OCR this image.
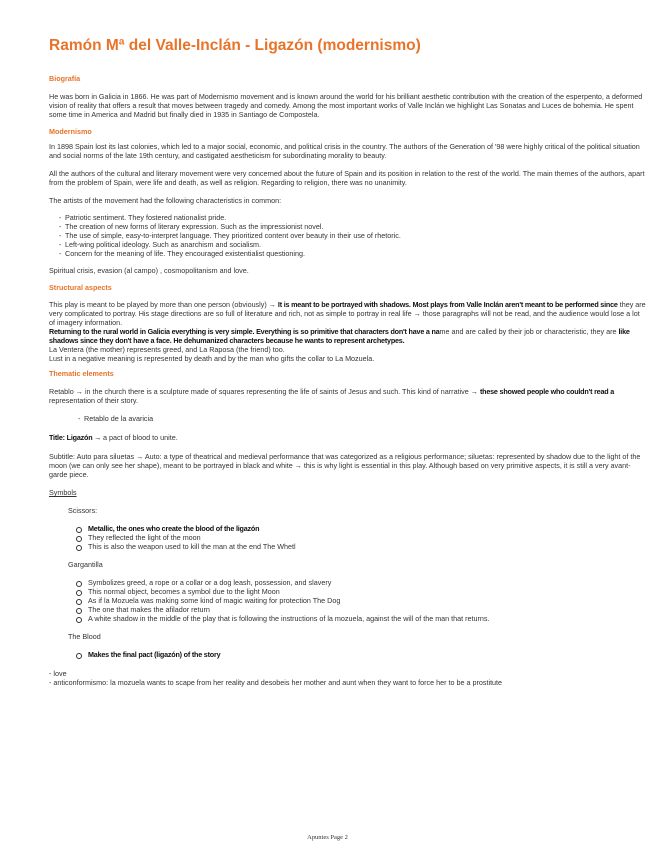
Ramón Mª del Valle-Inclán - Ligazón (modernismo)

Biografía

He was born in Galicia in 1866. He was part of Modernismo movement and is known around the world for his brilliant aesthetic contribution with the creation of the esperpento, a deformed vision of reality that offers a result that moves between tragedy and comedy. Among the most important works of Valle Inclán we highlight Las Sonatas and Luces de bohemia. He spent some time in America and Madrid but finally died in 1935 in Santiago de Compostela.

Modernismo

In 1898 Spain lost its last colonies, which led to a major social, economic, and political crisis in the country. The authors of the Generation of '98 were highly critical of the political situation and social norms of the late 19th century, and castigated aestheticism for subordinating morality to beauty.

All the authors of the cultural and literary movement were very concerned about the future of Spain and its position in relation to the rest of the world. The main themes of the authors, apart from the problem of Spain, were life and death, as well as religion. Regarding to religion, there was no unanimity.

The artists of the movement had the following characteristics in common:

- Patriotic sentiment. They fostered nationalist pride.
- The creation of new forms of literary expression. Such as the impressionist novel.
- The use of simple, easy-to-interpret language. They prioritized content over beauty in their use of rhetoric.
- Left-wing political ideology. Such as anarchism and socialism.
- Concern for the meaning of life. They encouraged existentialist questioning.

Spiritual crisis, evasion (al campo) , cosmopolitanism and love.

Structural aspects

This play is meant to be played by more than one person (obviously) → It is meant to be portrayed with shadows. Most plays from Valle Inclán aren't meant to be performed since they are very complicated to portray. His stage directions are so full of literature and rich, not as simple to portray in real life → those paragraphs will not be read, and the audience would lose a lot of imagery information.

Returning to the rural world in Galicia everything is very simple. Everything is so primitive that characters don't have a name and are called by their job or characteristic, they are like shadows since they don't have a face. He dehumanized characters because he wants to represent archetypes.

La Ventera (the mother) represents greed, and La Raposa (the friend) too.

Lust in a negative meaning is represented by death and by the man who gifts the collar to La Mozuela.

Thematic elements

Retablo → in the church there is a sculpture made of squares representing the life of saints of Jesus and such. This kind of narrative → these showed people who couldn't read a representation of their story.

- Retablo de la avaricia

Title: Ligazón → a pact of blood to unite.

Subtitle: Auto para siluetas → Auto: a type of theatrical and medieval performance that was categorized as a religious performance; siluetas: represented by shadow due to the light of the moon (we can only see her shape), meant to be portrayed in black and white → this is why light is essential in this play. Although based on very primitive aspects, it is still a very avant-garde piece.

Symbols

Scissors:

Metallic, the ones who create the blood of the ligazón
They reflected the light of the moon
This is also the weapon used to kill the man at the end The Whetl

Gargantilla

Symbolizes greed, a rope or a collar or a dog leash, possession, and slavery
This normal object, becomes a symbol due to the light Moon
As if la Mozuela was making some kind of magic waiting for protection The Dog
The one that makes the afilador return
A white shadow in the middle of the play that is following the instructions of la mozuela, against the will of the man that returns.

The Blood

Makes the final pact (ligazón) of the story

- love

- anticonformismo: la mozuela wants to scape from her reality and desobeis her mother and aunt when they want to force her to be a prostitute

Apuntes Page 2
